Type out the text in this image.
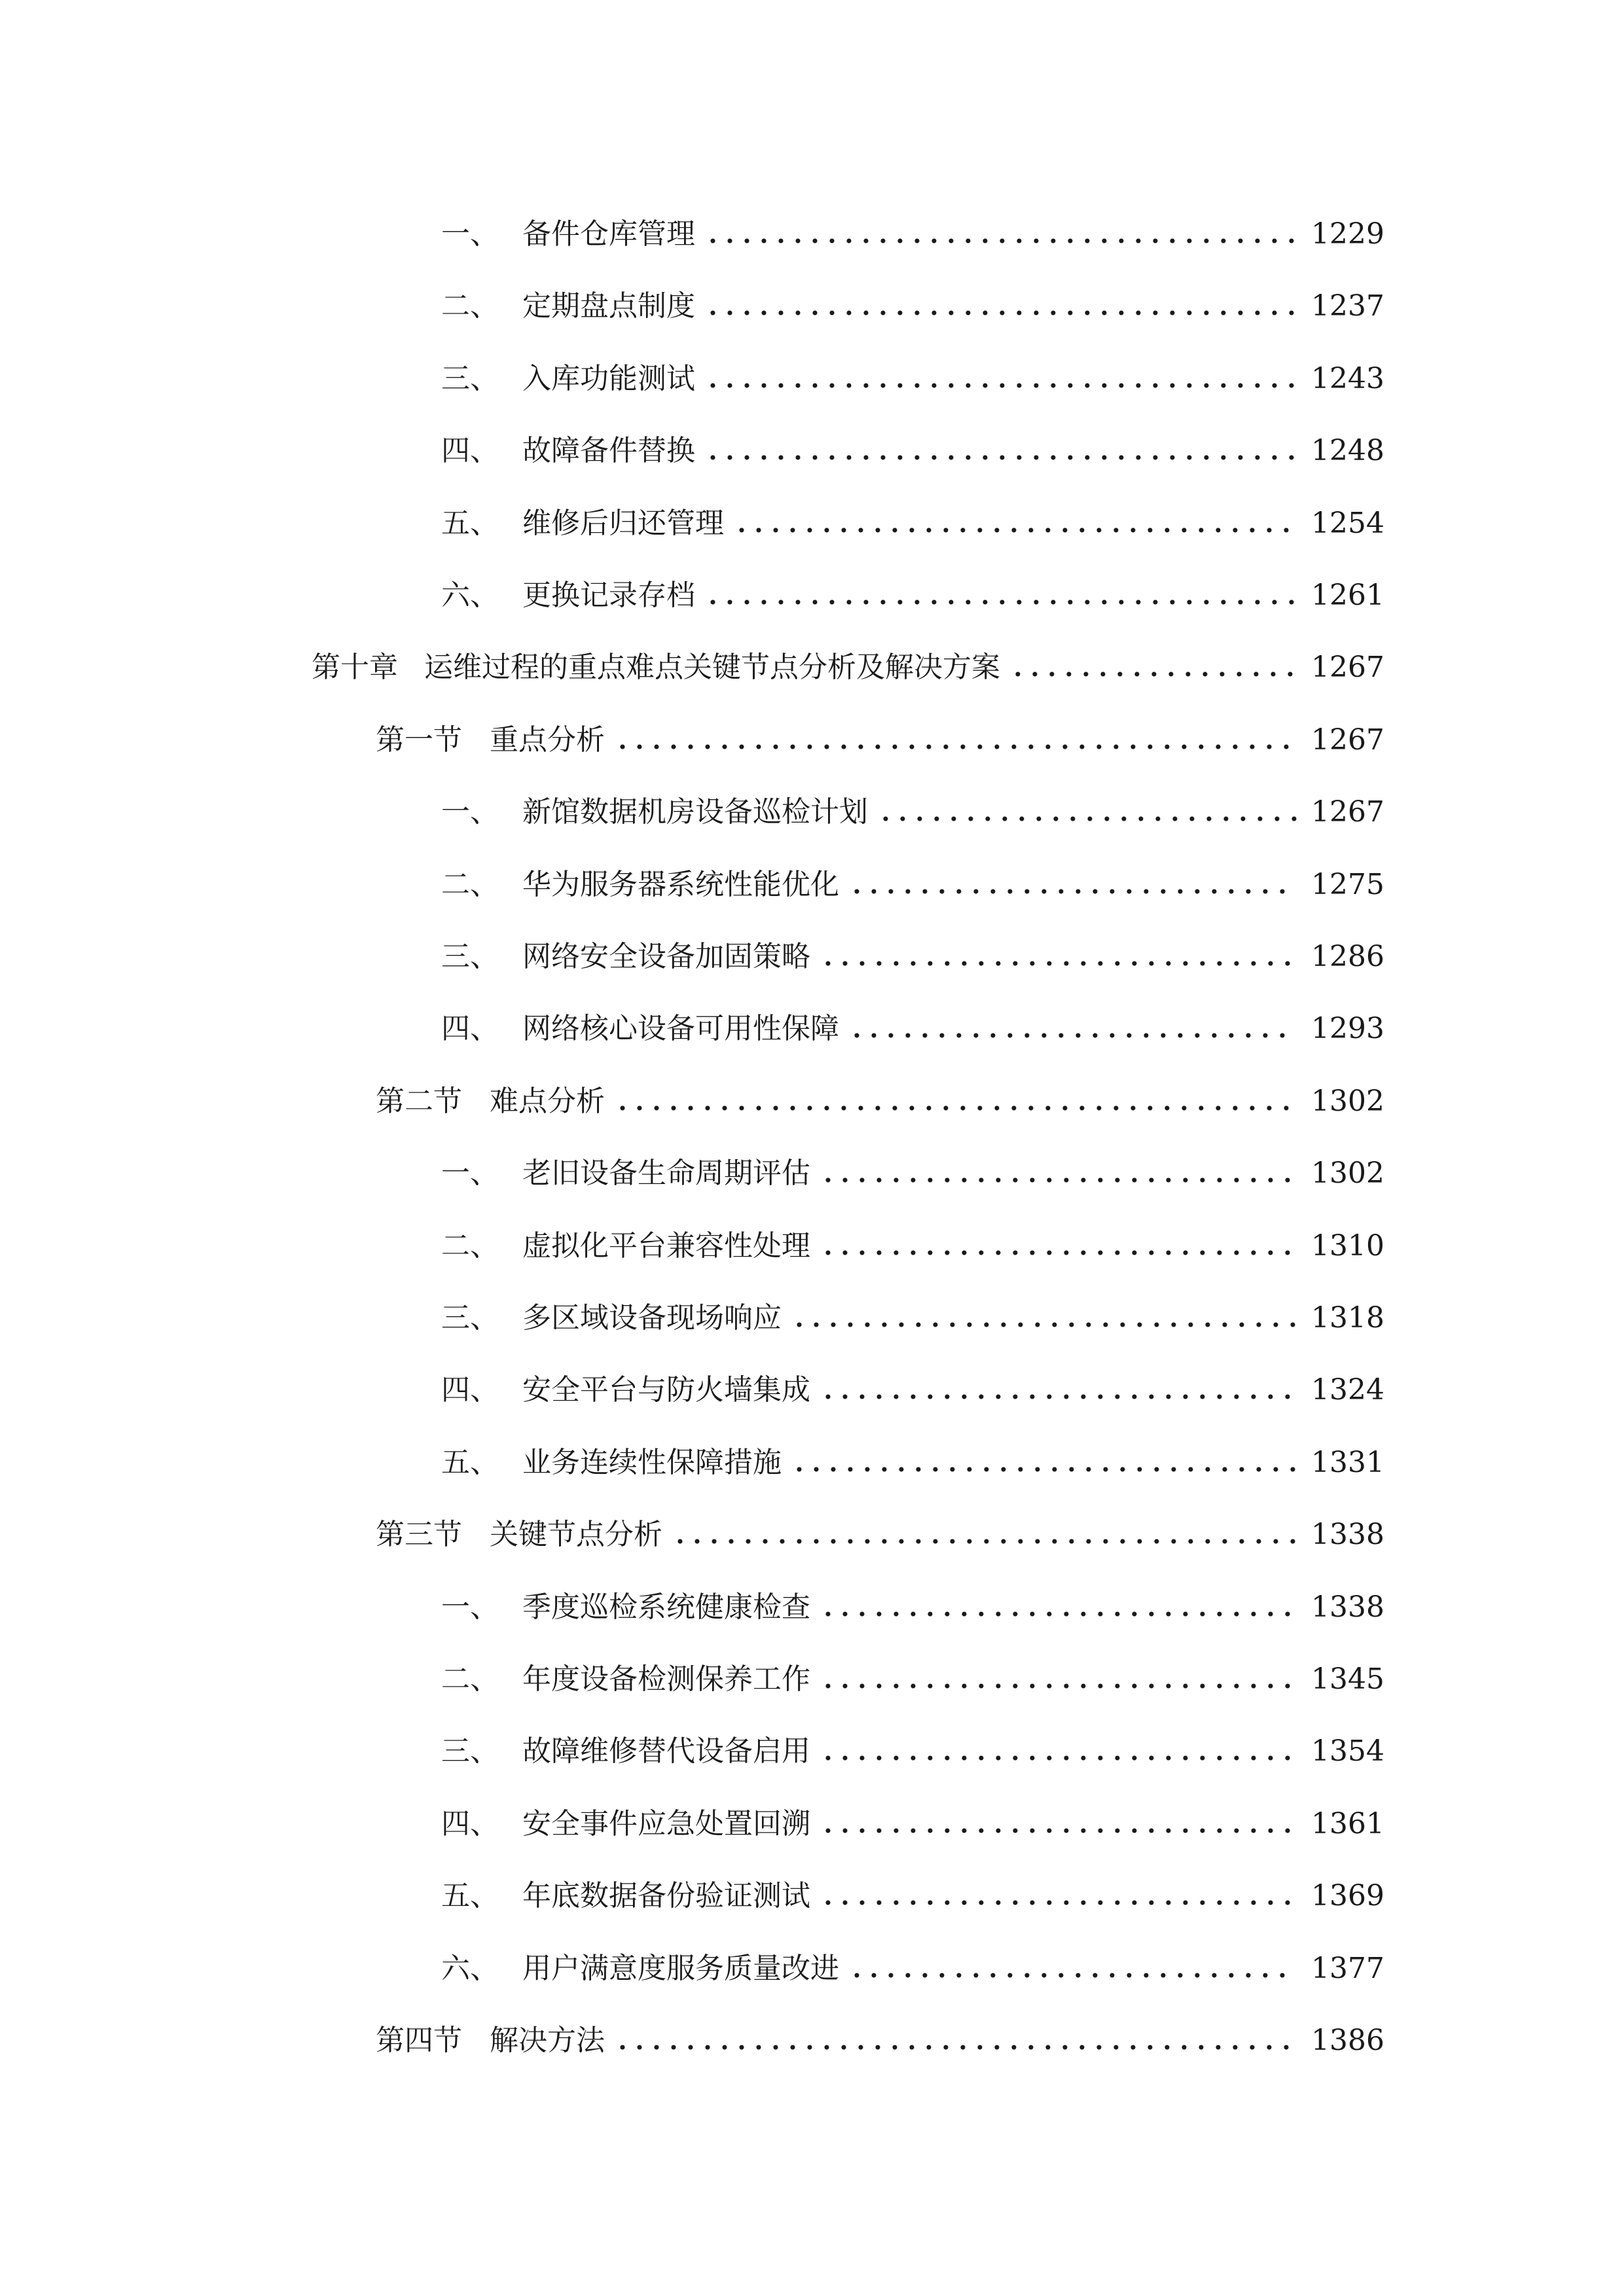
一、 备件仓库管理	1229
二、 定期盘点制度	1237
三、 入库功能测试	1243
四、 故障备件替换	1248
五、 维修后归还管理	1254
六、 更换记录存档	1261
第十章 运维过程的重点难点关键节点分析及解决方案	1267
第一节 重点分析	1267
一、 新馆数据机房设备巡检计划	1267
二、 华为服务器系统性能优化	1275
三、 网络安全设备加固策略	1286
四、 网络核心设备可用性保障	1293
第二节 难点分析	1302
一、 老旧设备生命周期评估	1302
二、 虚拟化平台兼容性处理	1310
三、 多区域设备现场响应	1318
四、 安全平台与防火墙集成	1324
五、 业务连续性保障措施	1331
第三节 关键节点分析	1338
一、 季度巡检系统健康检查	1338
二、 年度设备检测保养工作	1345
三、 故障维修替代设备启用	1354
四、 安全事件应急处置回溯	1361
五、 年底数据备份验证测试	1369
六、 用户满意度服务质量改进	1377
第四节 解决方法	1386
